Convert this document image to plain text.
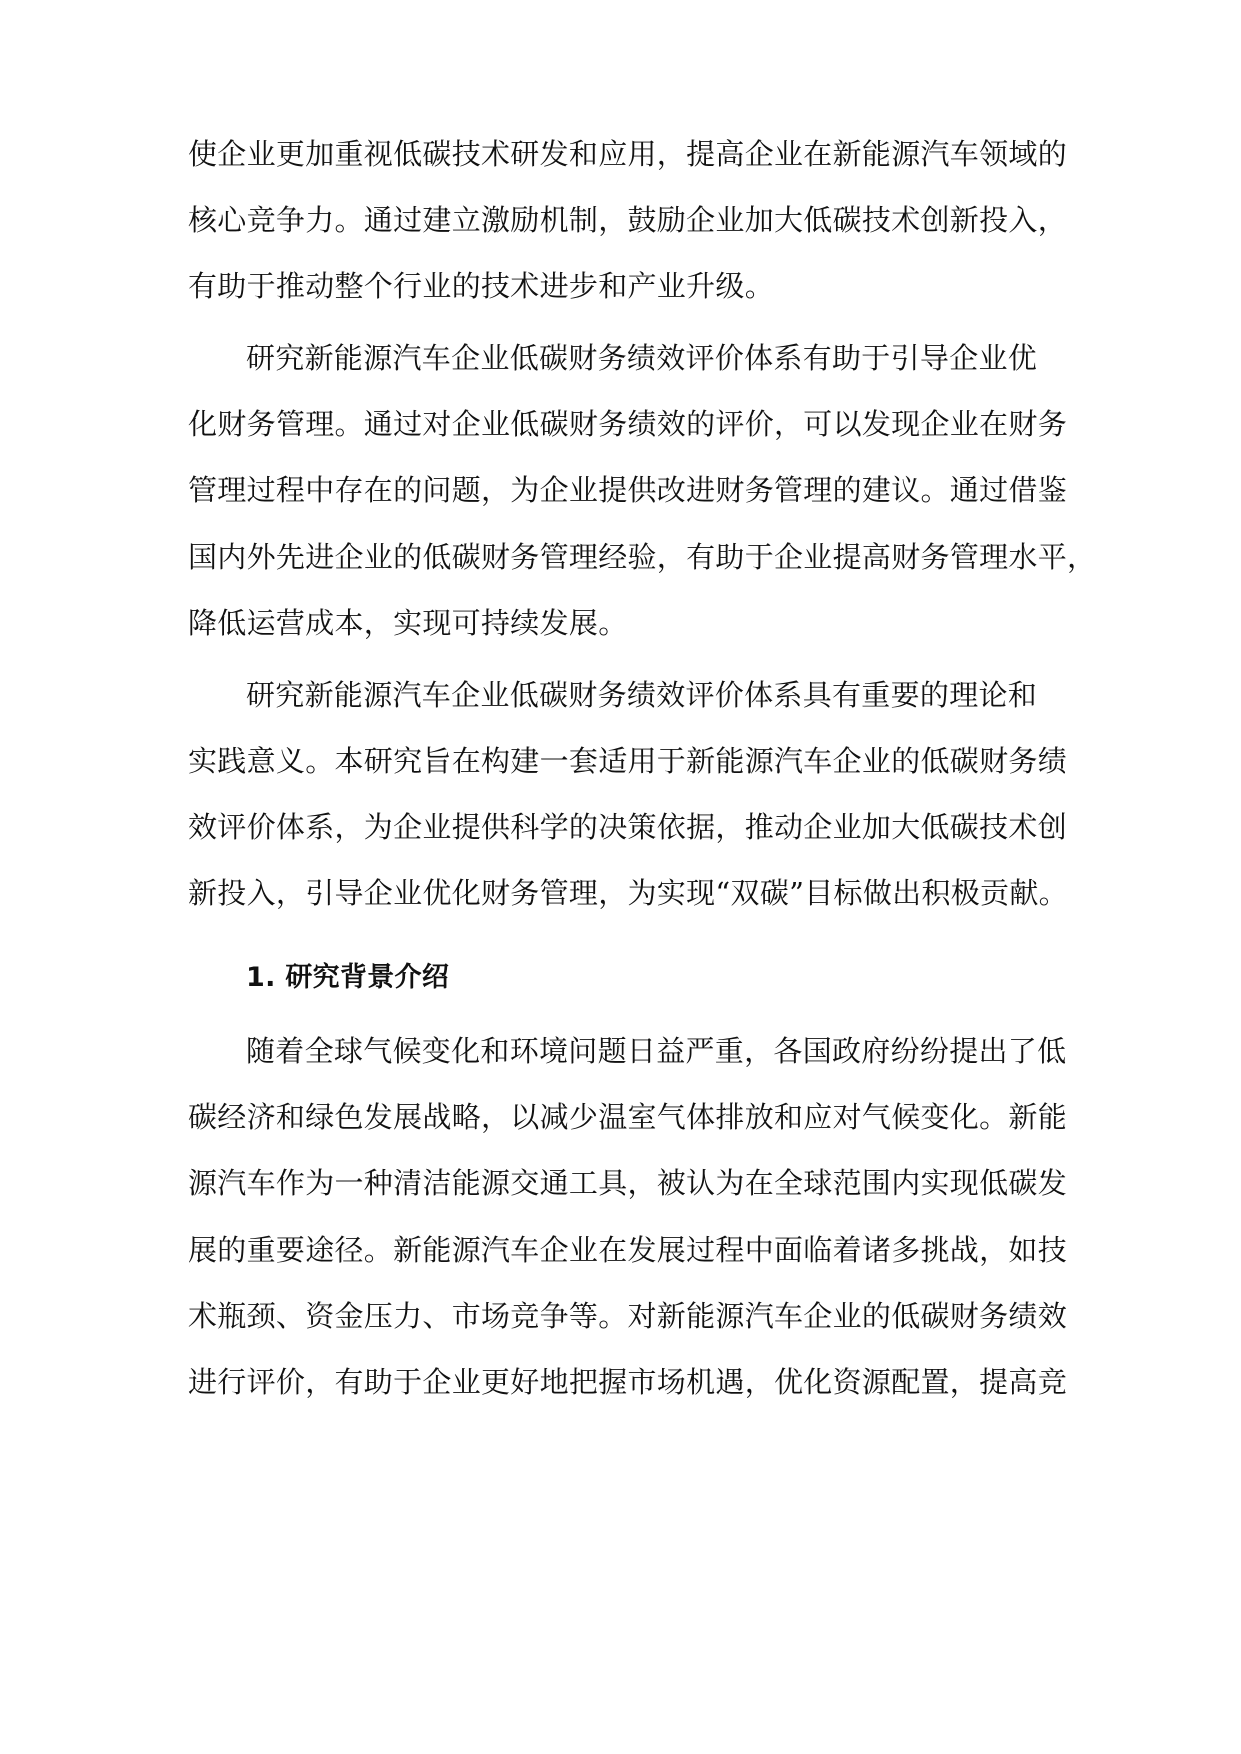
使企业更加重视低碳技术研发和应用，提高企业在新能源汽车领域的
核心竞争力。通过建立激励机制，鼓励企业加大低碳技术创新投入，
有助于推动整个行业的技术进步和产业升级。
研究新能源汽车企业低碳财务绩效评价体系有助于引导企业优
化财务管理。通过对企业低碳财务绩效的评价，可以发现企业在财务
管理过程中存在的问题，为企业提供改进财务管理的建议。通过借鉴
国内外先进企业的低碳财务管理经验，有助于企业提高财务管理水平，
降低运营成本，实现可持续发展。
研究新能源汽车企业低碳财务绩效评价体系具有重要的理论和
实践意义。本研究旨在构建一套适用于新能源汽车企业的低碳财务绩
效评价体系，为企业提供科学的决策依据，推动企业加大低碳技术创
新投入，引导企业优化财务管理，为实现“双碳”目标做出积极贡献。
1. 研究背景介绍
随着全球气候变化和环境问题日益严重，各国政府纷纷提出了低
碳经济和绿色发展战略，以减少温室气体排放和应对气候变化。新能
源汽车作为一种清洁能源交通工具，被认为在全球范围内实现低碳发
展的重要途径。新能源汽车企业在发展过程中面临着诸多挑战，如技
术瓶颈、资金压力、市场竞争等。对新能源汽车企业的低碳财务绩效
进行评价，有助于企业更好地把握市场机遇，优化资源配置，提高竞
